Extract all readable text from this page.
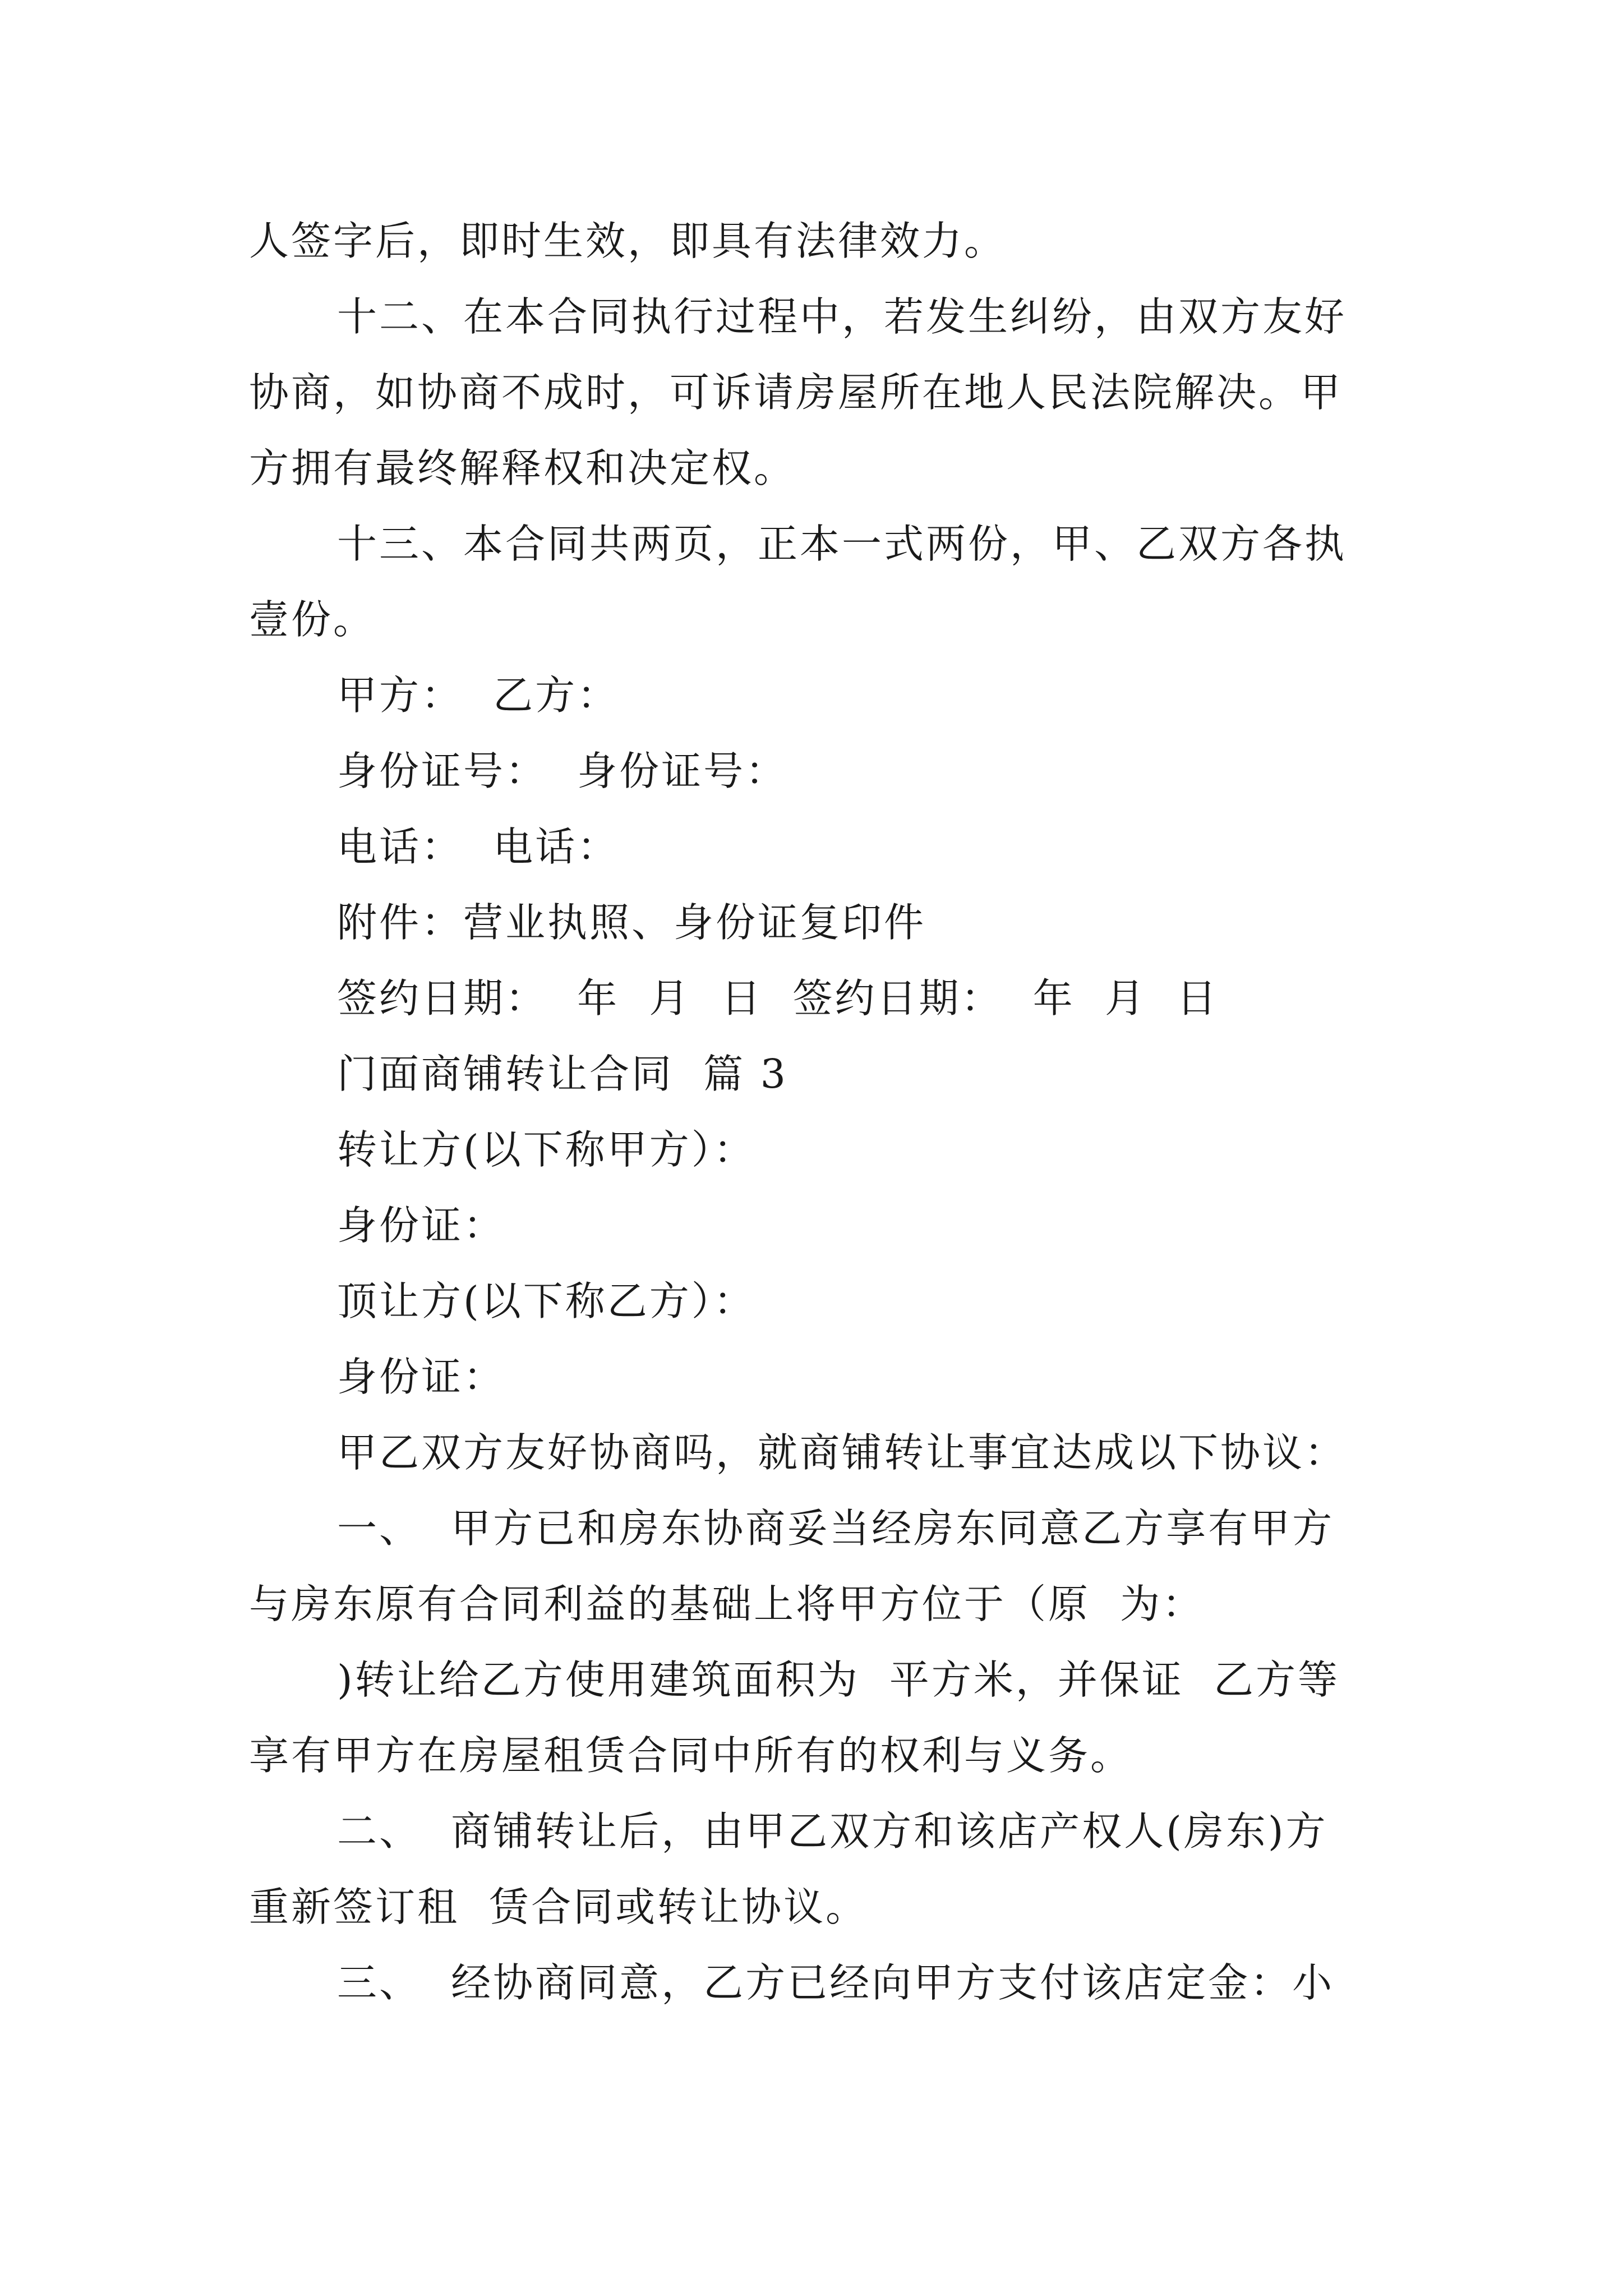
人签字后，即时生效，即具有法律效力。
十二、在本合同执行过程中，若发生纠纷，由双方友好
协商，如协商不成时，可诉请房屋所在地人民法院解决。甲
方拥有最终解释权和决定权。
十三、本合同共两页，正本一式两份，甲、乙双方各执
壹份。
甲方：  乙方：
身份证号：  身份证号：
电话：  电话：
附件：营业执照、身份证复印件
签约日期：  年  月  日  签约日期：  年  月  日
门面商铺转让合同  篇 3
转让方(以下称甲方）：
身份证：
顶让方(以下称乙方）：
身份证：
甲乙双方友好协商吗，就商铺转让事宜达成以下协议：
一、  甲方已和房东协商妥当经房东同意乙方享有甲方
与房东原有合同利益的基础上将甲方位于（原  为：
)转让给乙方使用建筑面积为  平方米，并保证  乙方等
享有甲方在房屋租赁合同中所有的权利与义务。
二、  商铺转让后，由甲乙双方和该店产权人(房东)方
重新签订租  赁合同或转让协议。
三、  经协商同意，乙方已经向甲方支付该店定金：小
